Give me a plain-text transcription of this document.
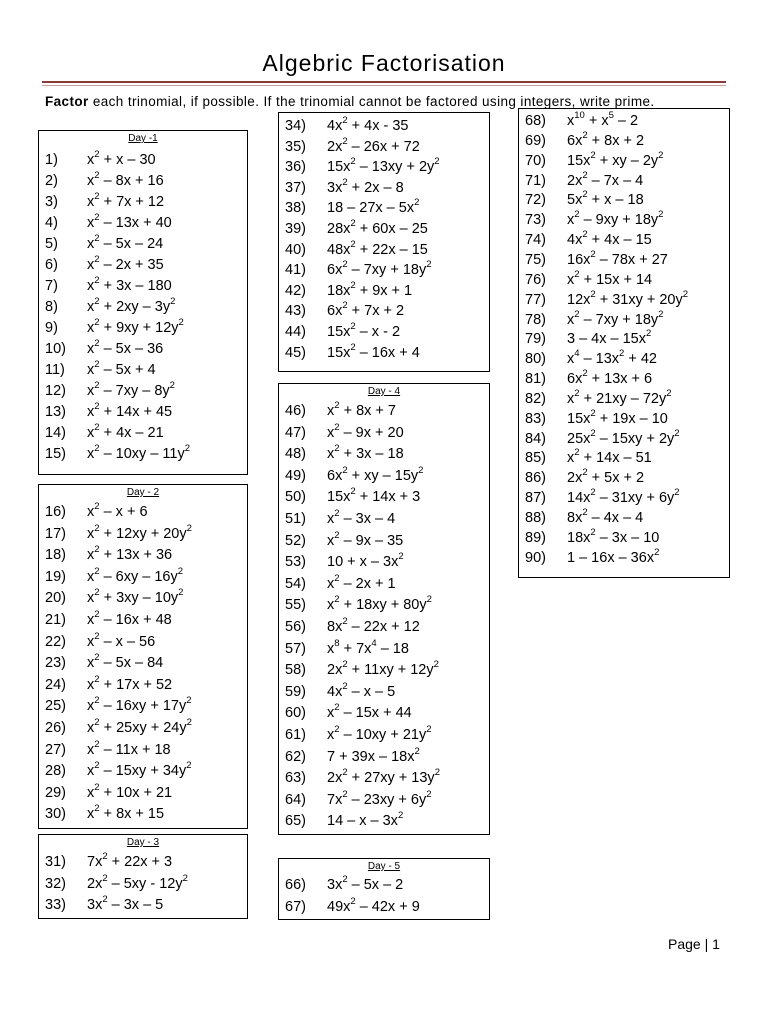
Algebric Factorisation
Factor each trinomial, if possible. If the trinomial cannot be factored using integers, write prime.
Day -1
1) $x^2 + x - 30$
2) $x^2 - 8x + 16$
3) $x^2 + 7x + 12$
4) $x^2 - 13x + 40$
5) $x^2 - 5x - 24$
6) $x^2 - 2x + 35$
7) $x^2 + 3x - 180$
8) $x^2 + 2xy - 3y^2$
9) $x^2 + 9xy + 12y^2$
10) $x^2 - 5x - 36$
11) $x^2 - 5x + 4$
12) $x^2 - 7xy - 8y^2$
13) $x^2 + 14x + 45$
14) $x^2 + 4x - 21$
15) $x^2 - 10xy - 11y^2$
Day - 2
16) $x^2 - x + 6$
17) $x^2 + 12xy + 20y^2$
18) $x^2 + 13x + 36$
19) $x^2 - 6xy - 16y^2$
20) $x^2 + 3xy - 10y^2$
21) $x^2 - 16x + 48$
22) $x^2$ – x – 56
23) $x^2 - 5x - 84$
24) $x^2 + 17x + 52$
25) $x^2 - 16xy + 17y^2$
26) $x^2 + 25xy + 24y^2$
27) $x^2 - 11x + 18$
28) $x^2 - 15xy + 34y^2$
29) $x^2 + 10x + 21$
30) $x^2 + 8x + 15$
Day - 3
31) $7x^2 + 22x + 3$
32) $2x^2 - 5xy - 12y^2$
33) $3x^2 - 3x - 5$
34) $4x^2 + 4x - 35$
35) $2x^2 - 26x + 72$
36) $15x^2 - 13xy + 2y^2$
37) $3x^2 + 2x - 8$
38) $18 - 27x - 5x^2$
39) $28x^2 + 60x - 25$
40) $48x^2 + 22x - 15$
41) $6x^2 - 7xy + 18y^2$
42) $18x^2 + 9x + 1$
43) $6x^2 + 7x + 2$
44) $15x^2$ – x - 2
45) $15x^2 - 16x + 4$
Day - 4
46) $x^2 + 8x + 7$
47) $x^2 - 9x + 20$
48) $x^2 + 3x - 18$
49) $6x^2$ + xy – $15y^2$
50) $15x^2 + 14x + 3$
51) $x^2 - 3x - 4$
52) $x^2 - 9x - 35$
53) $10 + x - 3x^2$
54) $x^2 - 2x + 1$
55) $x^2 + 18xy + 80y^2$
56) $8x^2 - 22x + 12$
57) $x^8 + 7x^4 - 18$
58) $2x^2 + 11xy + 12y^2$
59) $4x^2$ – x – 5
60) $x^2 - 15x + 44$
61) $x^2 - 10xy + 21y^2$
62) $7 + 39x - 18x^2$
63) $2x^2 + 27xy + 13y^2$
64) $7x^2 - 23xy + 6y^2$
65) 14 – x – $3x^2$
Day - 5
66) $3x^2 - 5x - 2$
67) $49x^2 - 42x + 9$
68) $x^{10} + x^5 - 2$
69) $6x^2 + 8x + 2$
70) $15x^2$ + xy – $2y^2$
71) $2x^2 - 7x - 4$
72) $5x^2 + x - 18$
73) $x^2 - 9xy + 18y^2$
74) $4x^2 + 4x - 15$
75) $16x^2 - 78x + 27$
76) $x^2 + 15x + 14$
77) $12x^2 + 31xy + 20y^2$
78) $x^2 - 7xy + 18y^2$
79) $3 - 4x - 15x^2$
80) $x^4 - 13x^2 + 42$
81) $6x^2 + 13x + 6$
82) $x^2 + 21xy - 72y^2$
83) $15x^2 + 19x - 10$
84) $25x^2 - 15xy + 2y^2$
85) $x^2 + 14x - 51$
86) $2x^2 + 5x + 2$
87) $14x^2 - 31xy + 6y^2$
88) $8x^2 - 4x - 4$
89) $18x^2 - 3x - 10$
90) $1 - 16x - 36x^2$
Page | 1
